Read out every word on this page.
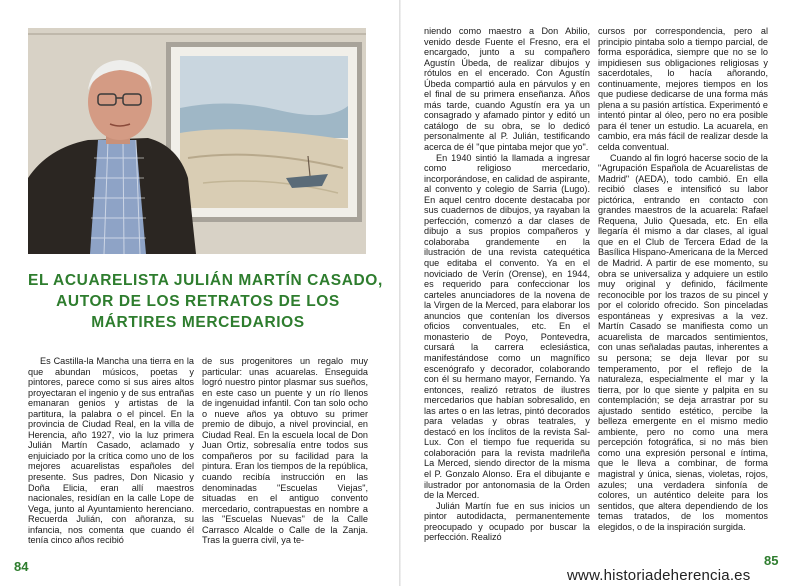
EL ACUARELISTA JULIÁN MARTÍN CASADO,
AUTOR DE LOS RETRATOS DE LOS
MÁRTIRES MERCEDARIOS

Es Castilla-la Mancha una tierra en la que abundan músicos, poetas y pintores, parece como si sus aires altos proyectaran el ingenio y de sus entrañas emanaran genios y artistas de la partitura, la palabra o el pincel. En la provincia de Ciudad Real, en la villa de Herencia, año 1927, vio la luz primera Julián Martín Casado, aclamado y enjuiciado por la crítica como uno de los mejores acuarelistas españoles del presente. Sus padres, Don Nicasio y Doña Elicia, eran allí maestros nacionales, residían en la calle Lope de Vega, junto al Ayuntamiento herenciano. Recuerda Julián, con añoranza, su infancia, nos comenta que cuando él tenía cinco años recibió

de sus progenitores un regalo muy particular: unas acuarelas. Enseguida logró nuestro pintor plasmar sus sueños, en este caso un puente y un río llenos de ingenuidad infantil. Con tan solo ocho o nueve años ya obtuvo su primer premio de dibujo, a nivel provincial, en Ciudad Real. En la escuela local de Don Juan Ortiz, sobresalía entre todos sus compañeros por su facilidad para la pintura. Eran los tiempos de la república, cuando recibía instrucción en las denominadas "Escuelas Viejas", situadas en el antiguo convento mercedario, contrapuestas en nombre a las "Escuelas Nuevas" de la Calle Carrasco Alcalde o Calle de la Zanja. Tras la guerra civil, ya te-

84

niendo como maestro a Don Abilio, venido desde Fuente el Fresno, era el encargado, junto a su compañero Agustín Úbeda, de realizar dibujos y rótulos en el encerado. Con Agustín Úbeda compartió aula en párvulos y en el final de su primera enseñanza. Años más tarde, cuando Agustín era ya un consagrado y afamado pintor y editó un catálogo de su obra, se lo dedicó personalmente al P. Julián, testificando acerca de él "que pintaba mejor que yo".

En 1940 sintió la llamada a ingresar como religioso mercedario, incorporándose, en calidad de aspirante, al convento y colegio de Sarria (Lugo). En aquel centro docente destacaba por sus cuadernos de dibujos, ya rayaban la perfección, comenzó a dar clases de dibujo a sus propios compañeros y colaboraba grandemente en la ilustración de una revista catequética que editaba el convento. Ya en el noviciado de Verín (Orense), en 1944, es requerido para confeccionar los carteles anunciadores de la novena de la Virgen de la Merced, para elaborar los anuncios que contenían los diversos oficios conventuales, etc. En el monasterio de Poyo, Pontevedra, cursará la carrera eclesiástica, manifestándose como un magnífico escenógrafo y decorador, colaborando con él su hermano mayor, Fernando. Ya entonces, realizó retratos de ilustres mercedarios que habían sobresalido, en las artes o en las letras, pintó decorados para veladas y obras teatrales, y destacó en los ínclitos de la revista Sal-Lux. Con el tiempo fue requerida su colaboración para la revista madrileña La Merced, siendo director de la misma el P. Gonzalo Alonso. Era el dibujante e ilustrador por antonomasia de la Orden de la Merced.

Julián Martín fue en sus inicios un pintor autodidacta, permanentemente preocupado y ocupado por buscar la perfección. Realizó

cursos por correspondencia, pero al principio pintaba solo a tiempo parcial, de forma esporádica, siempre que no se lo impidiesen sus obligaciones religiosas y sacerdotales, lo hacía añorando, continuamente, mejores tiempos en los que pudiese dedicarse de una forma más plena a su pasión artística. Experimentó e intentó pintar al óleo, pero no era posible para él tener un estudio. La acuarela, en cambio, era más fácil de realizar desde la celda conventual.

Cuando al fin logró hacerse socio de la "Agrupación Española de Acuarelistas de Madrid" (AEDA), todo cambió. En ella recibió clases e intensificó su labor pictórica, entrando en contacto con grandes maestros de la acuarela: Rafael Requena, Julio Quesada, etc. En ella llegaría él mismo a dar clases, al igual que en el Club de Tercera Edad de la Basílica Hispano-Americana de la Merced de Madrid. A partir de ese momento, su obra se universaliza y adquiere un estilo muy original y definido, fácilmente reconocible por los trazos de su pincel y por el colorido ofrecido. Son pinceladas espontáneas y expresivas a la vez. Martín Casado se manifiesta como un acuarelista de marcados sentimientos, con unas señaladas pautas, inherentes a su persona; se deja llevar por su temperamento, por el reflejo de la naturaleza, especialmente el mar y la tierra, por lo que siente y palpita en su contemplación; se deja arrastrar por su ajustado sentido estético, percibe la belleza emergente en el mismo medio ambiente, pero no como una mera percepción fotográfica, si no más bien como una expresión personal e íntima, que le lleva a combinar, de forma magistral y única, sienas, violetas, rojos, azules; una verdadera sinfonía de colores, un auténtico deleite para los sentidos, que altera dependiendo de los temas tratados, de los momentos elegidos, o de la inspiración surgida.

85
www.historiadeherencia.es
